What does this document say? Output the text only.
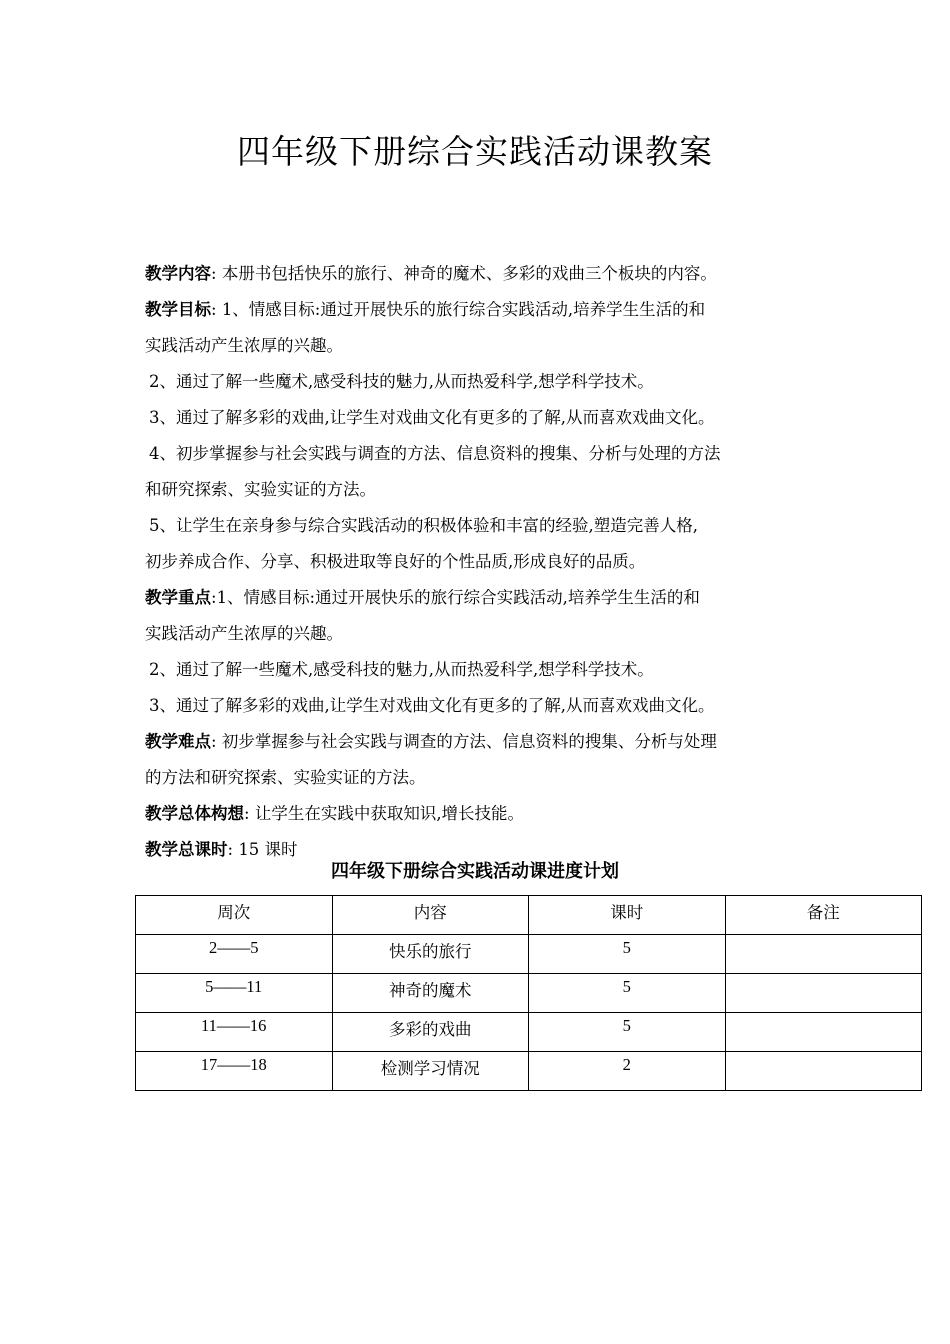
四年级下册综合实践活动课教案

教学内容: 本册书包括快乐的旅行、神奇的魔术、多彩的戏曲三个板块的内容。

教学目标: 1、情感目标:通过开展快乐的旅行综合实践活动,培养学生生活的和

实践活动产生浓厚的兴趣。

2、通过了解一些魔术,感受科技的魅力,从而热爱科学,想学科学技术。

3、通过了解多彩的戏曲,让学生对戏曲文化有更多的了解,从而喜欢戏曲文化。

4、初步掌握参与社会实践与调查的方法、信息资料的搜集、分析与处理的方法

和研究探索、实验实证的方法。

5、让学生在亲身参与综合实践活动的积极体验和丰富的经验,塑造完善人格,

初步养成合作、分享、积极进取等良好的个性品质,形成良好的品质。

教学重点:1、情感目标:通过开展快乐的旅行综合实践活动,培养学生生活的和

实践活动产生浓厚的兴趣。

2、通过了解一些魔术,感受科技的魅力,从而热爱科学,想学科学技术。

3、通过了解多彩的戏曲,让学生对戏曲文化有更多的了解,从而喜欢戏曲文化。

教学难点: 初步掌握参与社会实践与调查的方法、信息资料的搜集、分析与处理

的方法和研究探索、实验实证的方法。

教学总体构想: 让学生在实践中获取知识,增长技能。

教学总课时: 15 课时

四年级下册综合实践活动课进度计划
周次	内容	课时	备注
2——5	快乐的旅行	5	
5——11	神奇的魔术	5	
11——16	多彩的戏曲	5	
17——18	检测学习情况	2	
